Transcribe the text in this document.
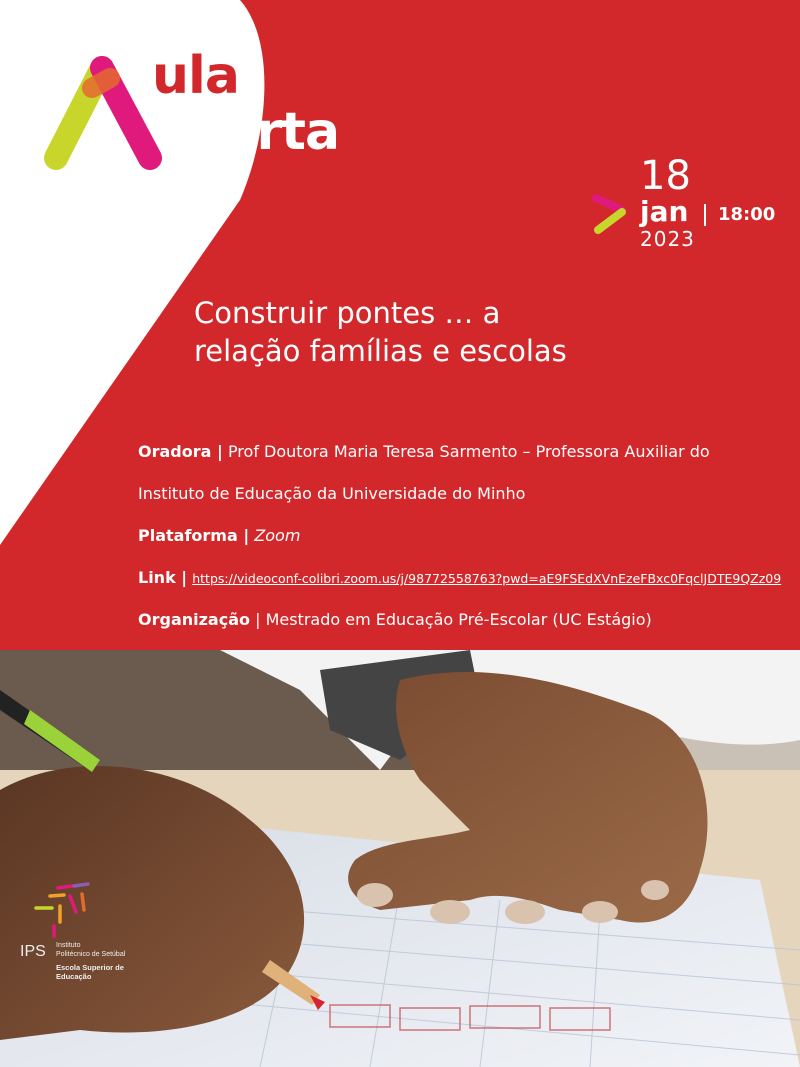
ula
berta
18
jan
2023
18:00
Construir pontes … a
relação famílias e escolas
Oradora | Prof Doutora Maria Teresa Sarmento – Professora Auxiliar do
Instituto de Educação da Universidade do Minho
Plataforma | Zoom
Link | https://videoconf-colibri.zoom.us/j/98772558763?pwd=aE9FSEdXVnEzeFBxc0FqclJDTE9QZz09
Organização | Mestrado em Educação Pré-Escolar (UC Estágio)
IPS Instituto
Politécnico de Setúbal
Escola Superior de
Educação
